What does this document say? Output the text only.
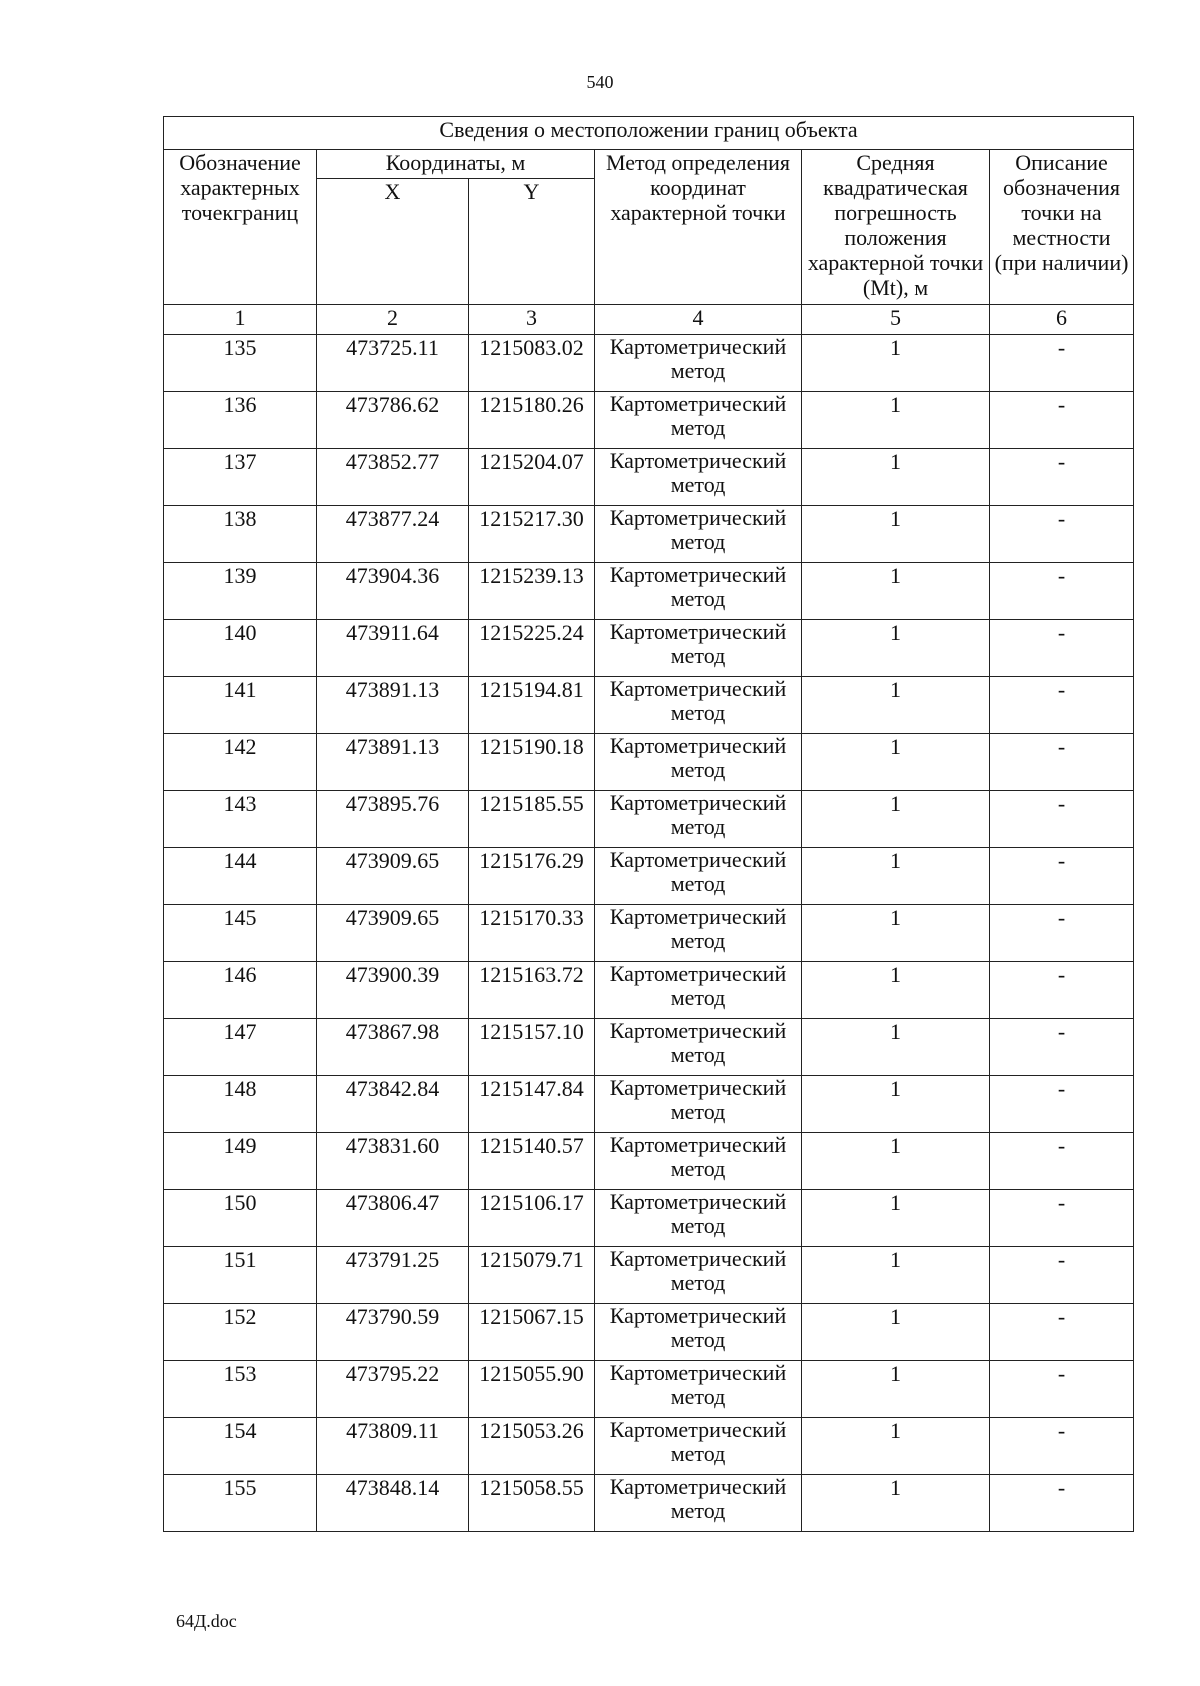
540
Сведения о местоположении границ объекта					
Обозначение характерных точекграниц	Координаты, м		Метод определения координат характерной точки	Средняя квадратическая погрешность положения характерной точки (Mt), м	Описание обозначения точки на местности (при наличии)
	X	Y			
1	2	3	4	5	6
135	473725.11	1215083.02	Картометрический метод	1	-
136	473786.62	1215180.26	Картометрический метод	1	-
137	473852.77	1215204.07	Картометрический метод	1	-
138	473877.24	1215217.30	Картометрический метод	1	-
139	473904.36	1215239.13	Картометрический метод	1	-
140	473911.64	1215225.24	Картометрический метод	1	-
141	473891.13	1215194.81	Картометрический метод	1	-
142	473891.13	1215190.18	Картометрический метод	1	-
143	473895.76	1215185.55	Картометрический метод	1	-
144	473909.65	1215176.29	Картометрический метод	1	-
145	473909.65	1215170.33	Картометрический метод	1	-
146	473900.39	1215163.72	Картометрический метод	1	-
147	473867.98	1215157.10	Картометрический метод	1	-
148	473842.84	1215147.84	Картометрический метод	1	-
149	473831.60	1215140.57	Картометрический метод	1	-
150	473806.47	1215106.17	Картометрический метод	1	-
151	473791.25	1215079.71	Картометрический метод	1	-
152	473790.59	1215067.15	Картометрический метод	1	-
153	473795.22	1215055.90	Картометрический метод	1	-
154	473809.11	1215053.26	Картометрический метод	1	-
155	473848.14	1215058.55	Картометрический метод	1	-
64Д.doc
